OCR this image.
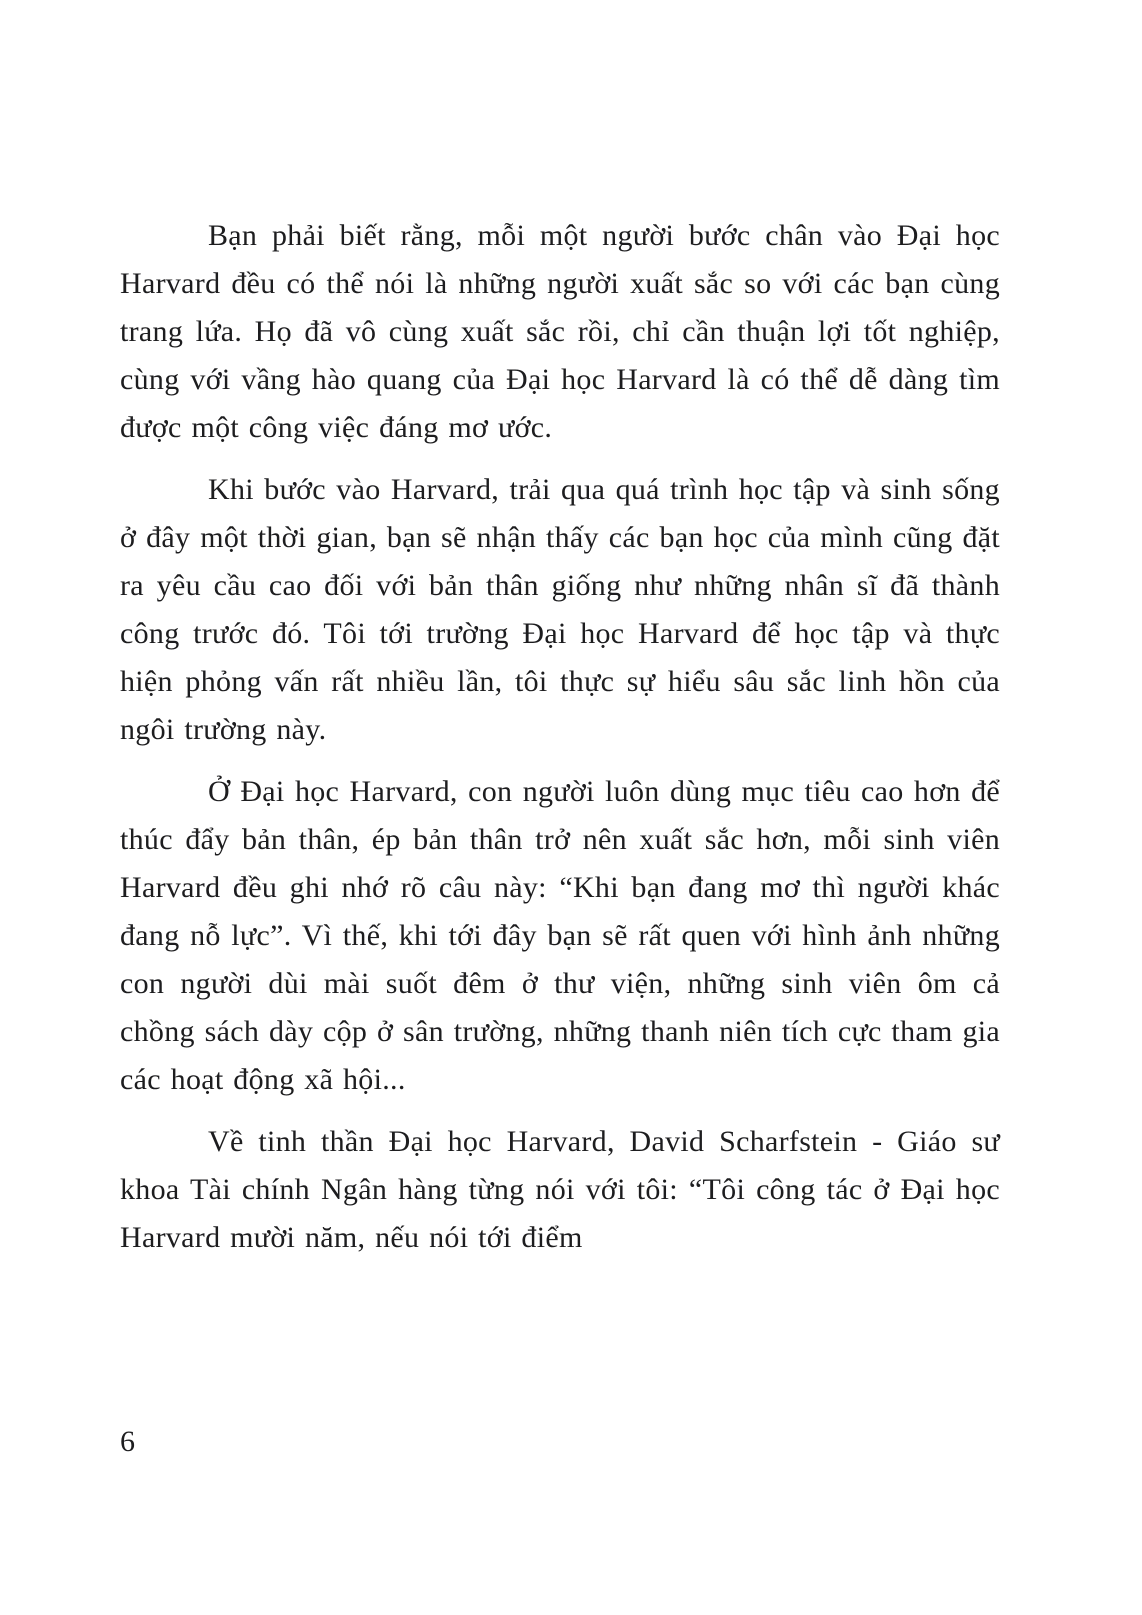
Bạn phải biết rằng, mỗi một người bước chân vào Đại học Harvard đều có thể nói là những người xuất sắc so với các bạn cùng trang lứa. Họ đã vô cùng xuất sắc rồi, chỉ cần thuận lợi tốt nghiệp, cùng với vầng hào quang của Đại học Harvard là có thể dễ dàng tìm được một công việc đáng mơ ước.

Khi bước vào Harvard, trải qua quá trình học tập và sinh sống ở đây một thời gian, bạn sẽ nhận thấy các bạn học của mình cũng đặt ra yêu cầu cao đối với bản thân giống như những nhân sĩ đã thành công trước đó. Tôi tới trường Đại học Harvard để học tập và thực hiện phỏng vấn rất nhiều lần, tôi thực sự hiểu sâu sắc linh hồn của ngôi trường này.

Ở Đại học Harvard, con người luôn dùng mục tiêu cao hơn để thúc đẩy bản thân, ép bản thân trở nên xuất sắc hơn, mỗi sinh viên Harvard đều ghi nhớ rõ câu này: “Khi bạn đang mơ thì người khác đang nỗ lực”. Vì thế, khi tới đây bạn sẽ rất quen với hình ảnh những con người dùi mài suốt đêm ở thư viện, những sinh viên ôm cả chồng sách dày cộp ở sân trường, những thanh niên tích cực tham gia các hoạt động xã hội...

Về tinh thần Đại học Harvard, David Scharfstein - Giáo sư khoa Tài chính Ngân hàng từng nói với tôi: “Tôi công tác ở Đại học Harvard mười năm, nếu nói tới điểm

6
